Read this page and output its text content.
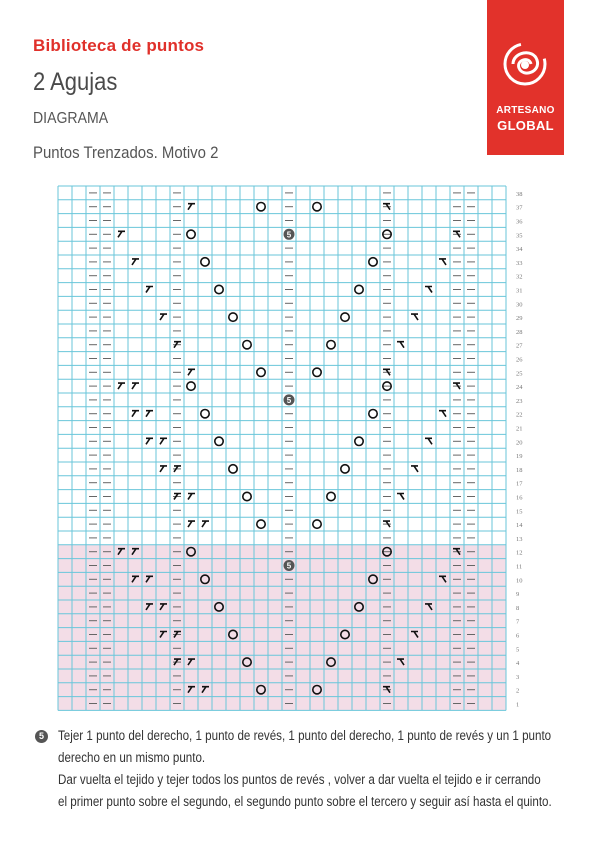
Biblioteca de puntos
2 Agujas
DIAGRAMA
Puntos Trenzados. Motivo 2
ARTESANO
GLOBAL
38
37
36
35
34
33
32
31
30
29
28
27
26
25
24
23
22
21
20
19
18
17
16
15
14
13
12
11
10
9
8
7
6
5
4
3
2
1
5
5
5
5 Tejer 1 punto del derecho, 1 punto de revés, 1 punto del derecho, 1 punto de revés y un 1 punto
derecho en un mismo punto.
Dar vuelta el tejido y tejer todos los puntos de revés , volver a dar vuelta el tejido e ir cerrando
el primer punto sobre el segundo, el segundo punto sobre el tercero y seguir así hasta el quinto.
